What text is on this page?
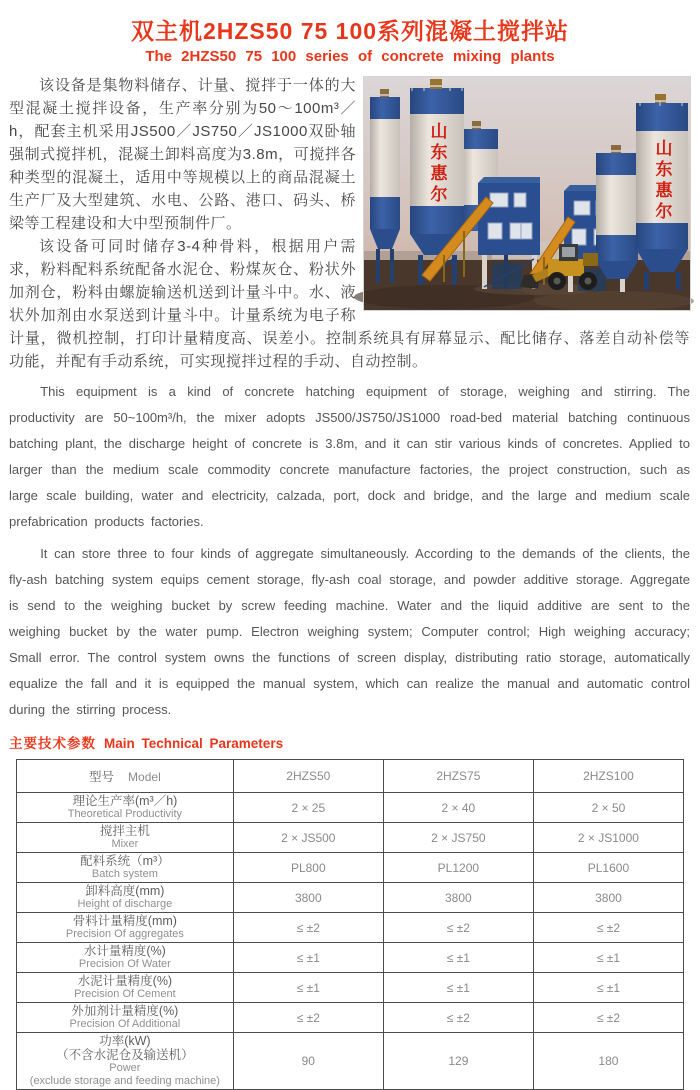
双主机2HZS50 75 100系列混凝土搅拌站
The 2HZS50 75 100 series of concrete mixing plants
山东惠尔	山东惠尔

该设备是集物料储存、计量、搅拌于一体的大型混凝土搅拌设备，生产率分别为50～100m³／h，配套主机采用JS500／JS750／JS1000双卧轴强制式搅拌机，混凝土卸料高度为3.8m，可搅拌各种类型的混凝土，适用中等规模以上的商品混凝土生产厂及大型建筑、水电、公路、港口、码头、桥梁等工程建设和大中型预制件厂。

该设备可同时储存3-4种骨料，根据用户需求，粉料配料系统配备水泥仓、粉煤灰仓、粉状外加剂仓，粉料由螺旋输送机送到计量斗中。水、液状外加剂由水泵送到计量斗中。计量系统为电子称计量，微机控制，打印计量精度高、误差小。控制系统具有屏幕显示、配比储存、落差自动补偿等功能，并配有手动系统，可实现搅拌过程的手动、自动控制。

This equipment is a kind of concrete hatching equipment of storage, weighing and stirring. The productivity are 50~100m³/h, the mixer adopts JS500/JS750/JS1000 road-bed material batching continuous batching plant, the discharge height of concrete is 3.8m, and it can stir various kinds of concretes. Applied to larger than the medium scale commodity concrete manufacture factories, the project construction, such as large scale building, water and electricity, calzada, port, dock and bridge, and the large and medium scale prefabrication products factories.

It can store three to four kinds of aggregate simultaneously. According to the demands of the clients, the fly-ash batching system equips cement storage, fly-ash coal storage, and powder additive storage. Aggregate is send to the weighing bucket by screw feeding machine. Water and the liquid additive are sent to the weighing bucket by the water pump. Electron weighing system; Computer control; High weighing accuracy; Small error. The control system owns the functions of screen display, distributing ratio storage, automatically equalize the fall and it is equipped the manual system, which can realize the manual and automatic control during the stirring process.

主要技术参数 Main Technical Parameters
型号 Model	2HZS50	2HZS75	2HZS100

理论生产率(m³／h)
Theoretical Productivity	2 × 25	2 × 40	2 × 50

搅拌主机
Mixer	2 × JS500	2 × JS750	2 × JS1000

配料系统（m³）
Batch system	PL800	PL1200	PL1600

卸料高度(mm)
Height of discharge	3800	3800	3800

骨料计量精度(mm)
Precision Of aggregates	≤ ±2	≤ ±2	≤ ±2

水计量精度(%)
Precision Of Water	≤ ±1	≤ ±1	≤ ±1

水泥计量精度(%)
Precision Of Cement	≤ ±1	≤ ±1	≤ ±1

外加剂计量精度(%)
Precision Of Additional	≤ ±2	≤ ±2	≤ ±2

功率(kW)
（不含水泥仓及输送机）
Power
(exclude storage and feeding machine)	90	129	180
